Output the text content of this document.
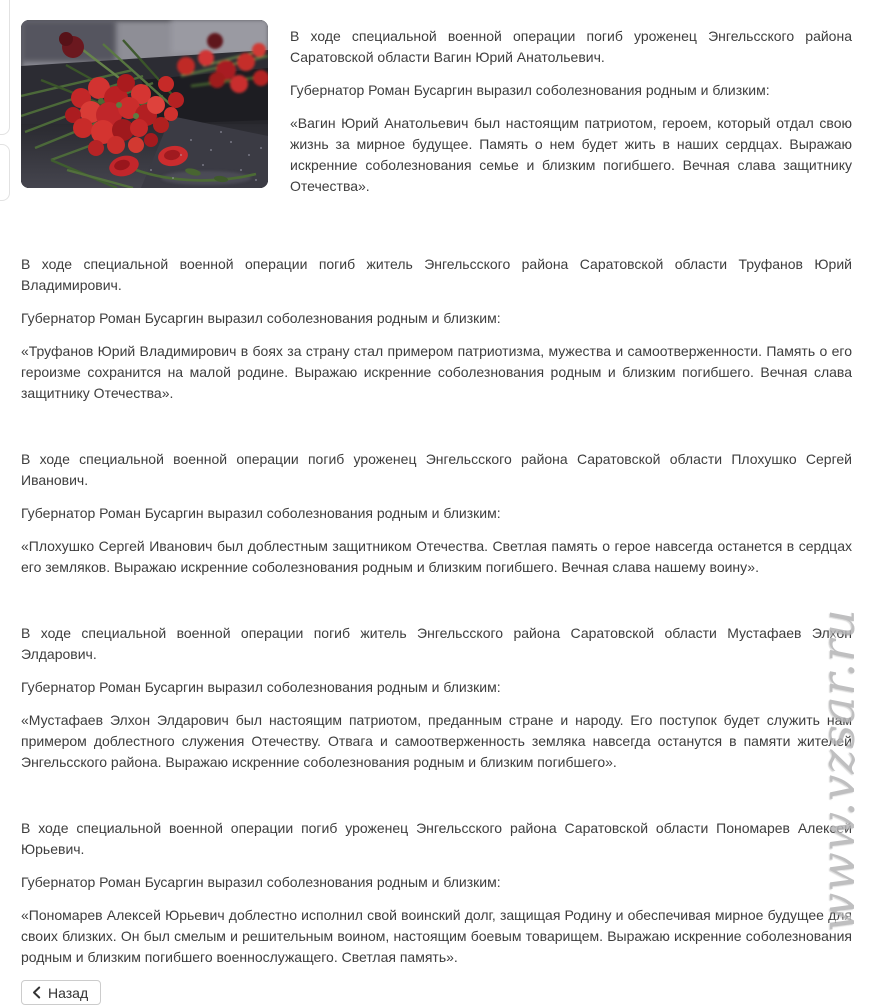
В ходе специальной военной операции погиб уроженец Энгельсского района Саратовской области Вагин Юрий Анатольевич.

Губернатор Роман Бусаргин выразил соболезнования родным и близким:

«Вагин Юрий Анатольевич был настоящим патриотом, героем, который отдал свою жизнь за мирное будущее. Память о нем будет жить в наших сердцах. Выражаю искренние соболезнования семье и близким погибшего. Вечная слава защитнику Отечества».

В ходе специальной военной операции погиб житель Энгельсского района Саратовской области Труфанов Юрий Владимирович.

Губернатор Роман Бусаргин выразил соболезнования родным и близким:

«Труфанов Юрий Владимирович в боях за страну стал примером патриотизма, мужества и самоотверженности. Память о его героизме сохранится на малой родине. Выражаю искренние соболезнования родным и близким погибшего. Вечная слава защитнику Отечества».

В ходе специальной военной операции погиб уроженец Энгельсского района Саратовской области Плохушко Сергей Иванович.

Губернатор Роман Бусаргин выразил соболезнования родным и близким:

«Плохушко Сергей Иванович был доблестным защитником Отечества. Светлая память о герое навсегда останется в сердцах его земляков. Выражаю искренние соболезнования родным и близким погибшего. Вечная слава нашему воину».

В ходе специальной военной операции погиб житель Энгельсского района Саратовской области Мустафаев Элхон Элдарович.

Губернатор Роман Бусаргин выразил соболезнования родным и близким:

«Мустафаев Элхон Элдарович был настоящим патриотом, преданным стране и народу. Его поступок будет служить нам примером доблестного служения Отечеству. Отвага и самоотверженность земляка навсегда останутся в памяти жителей Энгельсского района. Выражаю искренние соболезнования родным и близким погибшего».

В ходе специальной военной операции погиб уроженец Энгельсского района Саратовской области Пономарев Алексей Юрьевич.

Губернатор Роман Бусаргин выразил соболезнования родным и близким:

«Пономарев Алексей Юрьевич доблестно исполнил свой воинский долг, защищая Родину и обеспечивая мирное будущее для своих близких. Он был смелым и решительным воином, настоящим боевым товарищем. Выражаю искренние соболезнования родным и близким погибшего военнослужащего. Светлая память».

Назад
www.vzsar.ru
